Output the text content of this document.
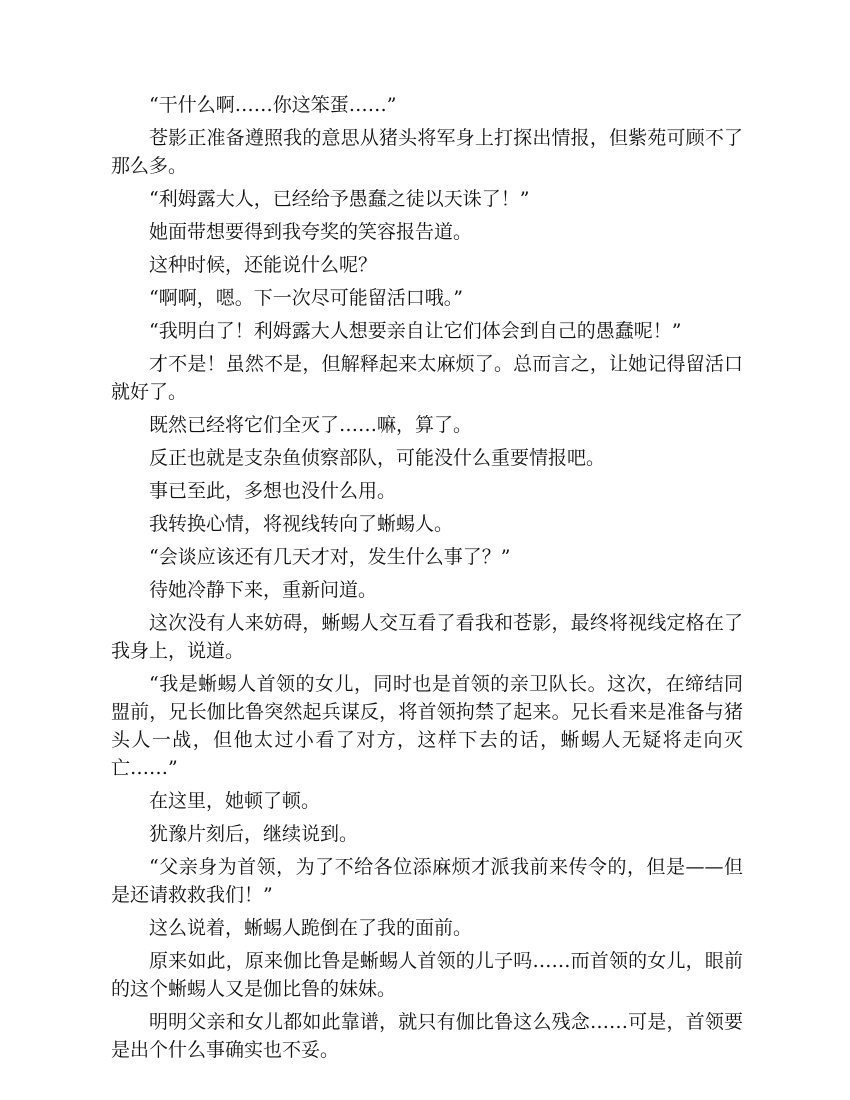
“干什么啊……你这笨蛋……”

苍影正准备遵照我的意思从猪头将军身上打探出情报，但紫苑可顾不了那么多。

“利姆露大人，已经给予愚蠢之徒以天诛了！”

她面带想要得到我夸奖的笑容报告道。

这种时候，还能说什么呢？

“啊啊，嗯。下一次尽可能留活口哦。”

“我明白了！利姆露大人想要亲自让它们体会到自己的愚蠢呢！”

才不是！虽然不是，但解释起来太麻烦了。总而言之，让她记得留活口就好了。

既然已经将它们全灭了……嘛，算了。

反正也就是支杂鱼侦察部队，可能没什么重要情报吧。

事已至此，多想也没什么用。

我转换心情，将视线转向了蜥蜴人。

“会谈应该还有几天才对，发生什么事了？”

待她冷静下来，重新问道。

这次没有人来妨碍，蜥蜴人交互看了看我和苍影，最终将视线定格在了我身上，说道。

“我是蜥蜴人首领的女儿，同时也是首领的亲卫队长。这次，在缔结同盟前，兄长伽比鲁突然起兵谋反，将首领拘禁了起来。兄长看来是准备与猪头人一战，但他太过小看了对方，这样下去的话，蜥蜴人无疑将走向灭亡……”

在这里，她顿了顿。

犹豫片刻后，继续说到。

“父亲身为首领，为了不给各位添麻烦才派我前来传令的，但是——但是还请救救我们！”

这么说着，蜥蜴人跪倒在了我的面前。

原来如此，原来伽比鲁是蜥蜴人首领的儿子吗……而首领的女儿，眼前的这个蜥蜴人又是伽比鲁的妹妹。

明明父亲和女儿都如此靠谱，就只有伽比鲁这么残念……可是，首领要是出个什么事确实也不妥。
